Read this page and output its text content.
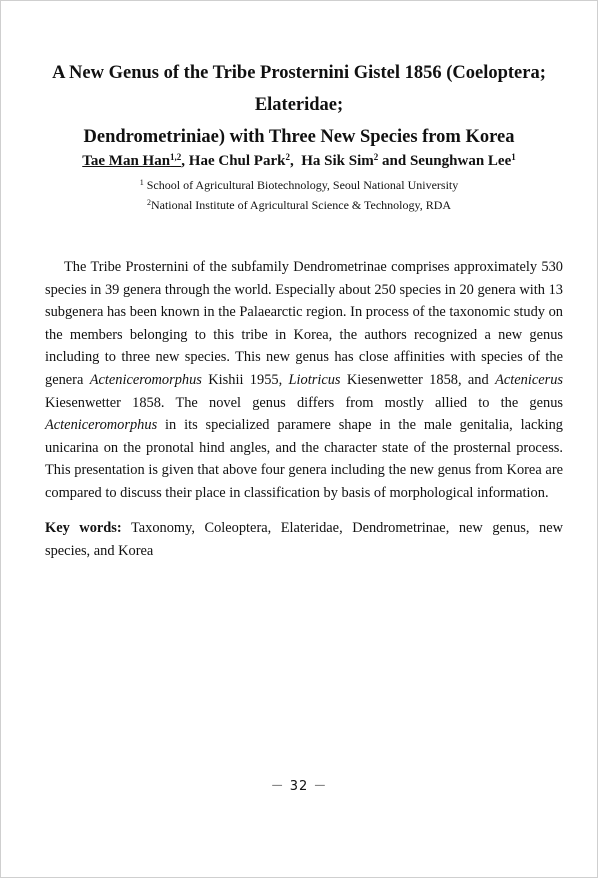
A New Genus of the Tribe Prosternini Gistel 1856 (Coeloptera; Elateridae;
Dendrometriniae) with Three New Species from Korea
Tae Man Han$^{1,2}$, Hae Chul Park$^2$,  Ha Sik Sim$^2$ and Seunghwan Lee$^1$
$^1$ School of Agricultural Biotechnology, Seoul National University
$^2$National Institute of Agricultural Science & Technology, RDA

The Tribe Prosternini of the subfamily Dendrometrinae comprises approximately 530 species in 39 genera through the world. Especially about 250 species in 20 genera with 13 subgenera has been known in the Palaearctic region. In process of the taxonomic study on the members belonging to this tribe in Korea, the authors recognized a new genus including to three new species. This new genus has close affinities with species of the genera Acteniceromorphus Kishii 1955, Liotricus Kiesenwetter 1858, and Actenicerus Kiesenwetter 1858. The novel genus differs from mostly allied to the genus Acteniceromorphus in its specialized paramere shape in the male genitalia, lacking unicarina on the pronotal hind angles, and the character state of the prosternal process. This presentation is given that above four genera including the new genus from Korea are compared to discuss their place in classification by basis of morphological information.

Key words: Taxonomy, Coleoptera, Elateridae, Dendrometrinae, new genus, new species, and Korea

－ 32 －
